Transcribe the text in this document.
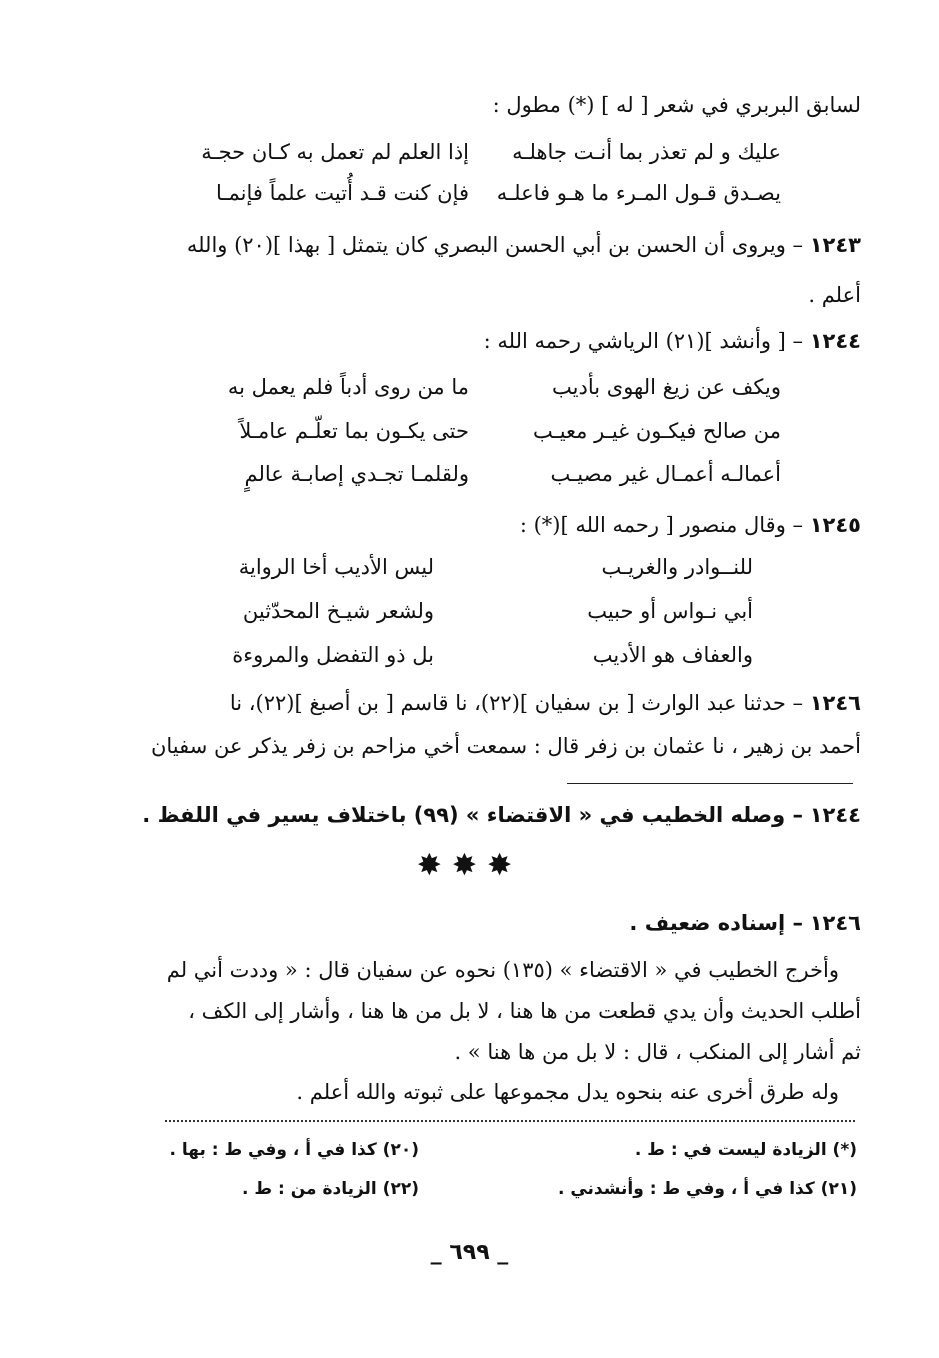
لسابق البربري في شعر [ له ] (*) مطول :
إذا العلم لم تعمل به كـان حجـة	عليك و لم تعذر بما أنـت جاهلـه
فإن كنت قـد أُتيت علماً فإنمـا	يصـدق قـول المـرء ما هـو فاعلـه
١٢٤٣ – ويروى أن الحسن بن أبي الحسن البصري كان يتمثل [ بهذا ](٢٠) والله
أعلم .
١٢٤٤ – [ وأنشد ](٢١) الرياشي رحمه الله :
ما من روى أدباً فلم يعمل به	ويكف عن زيغ الهوى بأديب
حتى يكـون بما تعلّـم عامـلاً	من صالح فيكـون غيـر معيـب
ولقلمـا تجـدي إصابـة عالمٍ	أعمالـه أعمـال غير مصيـب
١٢٤٥ – وقال منصور [ رحمه الله ](*) :
ليس الأديب أخا الرواية	للنــوادر والغريـب
ولشعر شيـخ المحدّثين	أبي نـواس أو حبيب
بل ذو التفضل والمروءة	والعفاف هو الأديب
١٢٤٦ – حدثنا عبد الوارث [ بن سفيان ](٢٢)، نا قاسم [ بن أصبغ ](٢٢)، نا
أحمد بن زهير ، نا عثمان بن زفر قال : سمعت أخي مزاحم بن زفر يذكر عن سفيان
١٢٤٤ – وصله الخطيب في « الاقتضاء » (٩٩) باختلاف يسير في اللفظ .
✸✸✸
١٢٤٦ – إسناده ضعيف .
وأخرج الخطيب في « الاقتضاء » (١٣٥) نحوه عن سفيان قال : « وددت أني لم
أطلب الحديث وأن يدي قطعت من ها هنا ، لا بل من ها هنا ، وأشار إلى الكف ،
ثم أشار إلى المنكب ، قال : لا بل من ها هنا » .
وله طرق أخرى عنه بنحوه يدل مجموعها على ثبوته والله أعلم .
(*) الزيادة ليست في : ط .
(٢٠) كذا في أ ، وفي ط : بها .
(٢١) كذا في أ ، وفي ط : وأنشدني .
(٢٢) الزيادة من : ط .
_ ٦٩٩ _
